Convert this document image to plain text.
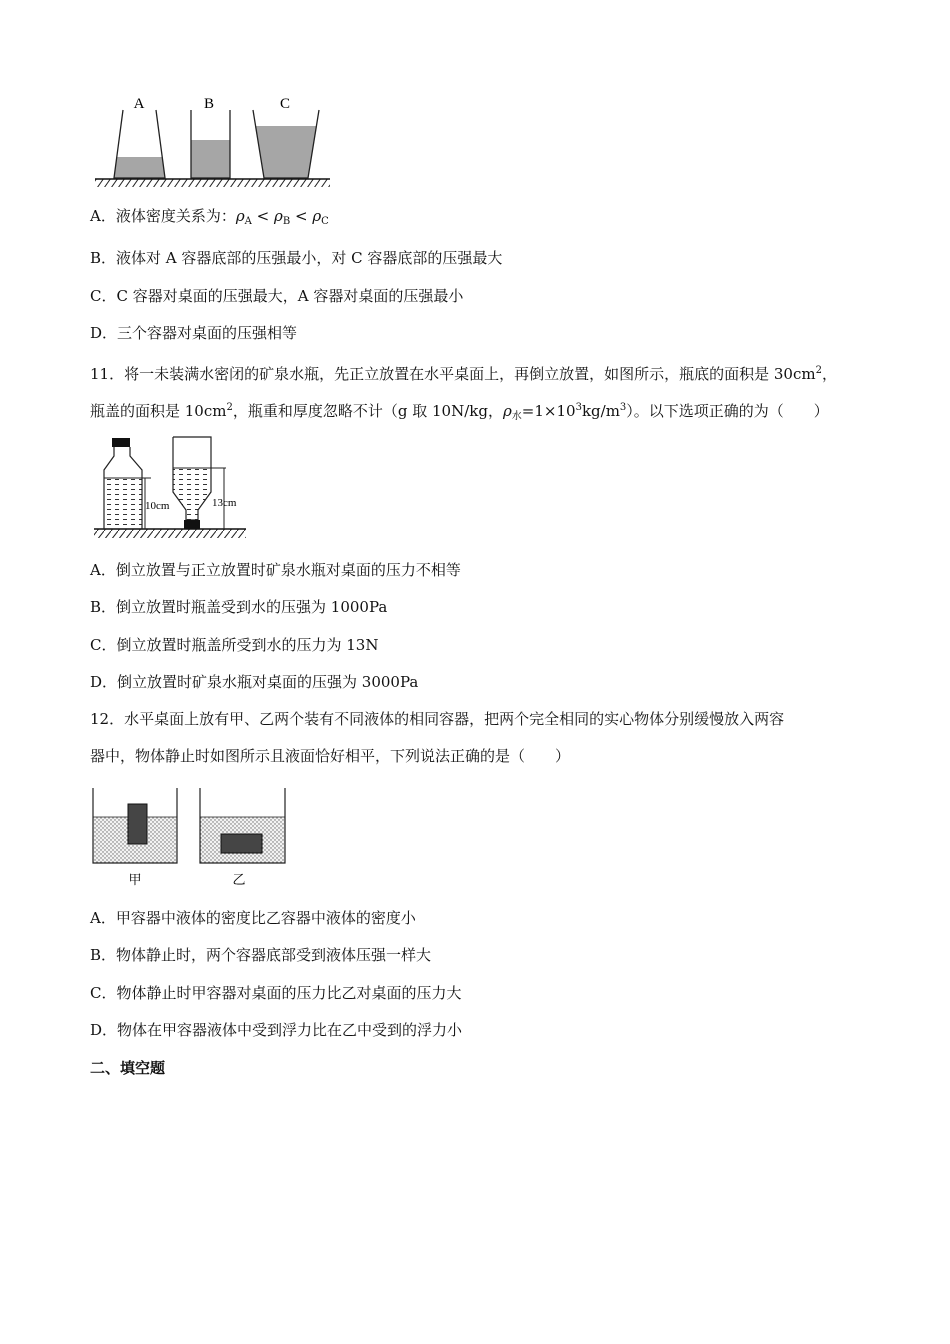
A	B	C
A．液体密度关系为：$\rho_A < \rho_B < \rho_C$
B．液体对 A 容器底部的压强最小，对 C 容器底部的压强最大
C．C 容器对桌面的压强最大，A 容器对桌面的压强最小
D．三个容器对桌面的压强相等
11．将一未装满水密闭的矿泉水瓶，先正立放置在水平桌面上，再倒立放置，如图所示，瓶底的面积是 $30cm^2$，
瓶盖的面积是 $10cm^2$，瓶重和厚度忽略不计（g 取 10N/kg，$\rho_水=1\times 10^3kg/m^3$）。以下选项正确的为（　　）
10cm	13cm
A．倒立放置与正立放置时矿泉水瓶对桌面的压力不相等
B．倒立放置时瓶盖受到水的压强为 1000Pa
C．倒立放置时瓶盖所受到水的压力为 13N
D．倒立放置时矿泉水瓶对桌面的压强为 3000Pa
12．水平桌面上放有甲、乙两个装有不同液体的相同容器，把两个完全相同的实心物体分别缓慢放入两容
器中，物体静止时如图所示且液面恰好相平，下列说法正确的是（　　）
甲	乙
A．甲容器中液体的密度比乙容器中液体的密度小
B．物体静止时，两个容器底部受到液体压强一样大
C．物体静止时甲容器对桌面的压力比乙对桌面的压力大
D．物体在甲容器液体中受到浮力比在乙中受到的浮力小
二、填空题
